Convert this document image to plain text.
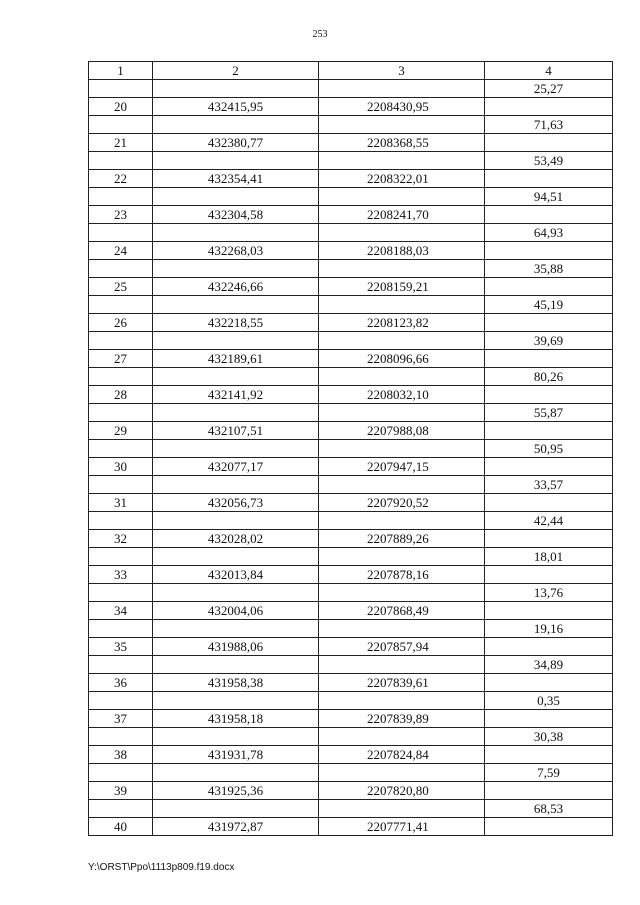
253
1	2	3	4
			25,27
20	432415,95	2208430,95	
			71,63
21	432380,77	2208368,55	
			53,49
22	432354,41	2208322,01	
			94,51
23	432304,58	2208241,70	
			64,93
24	432268,03	2208188,03	
			35,88
25	432246,66	2208159,21	
			45,19
26	432218,55	2208123,82	
			39,69
27	432189,61	2208096,66	
			80,26
28	432141,92	2208032,10	
			55,87
29	432107,51	2207988,08	
			50,95
30	432077,17	2207947,15	
			33,57
31	432056,73	2207920,52	
			42,44
32	432028,02	2207889,26	
			18,01
33	432013,84	2207878,16	
			13,76
34	432004,06	2207868,49	
			19,16
35	431988,06	2207857,94	
			34,89
36	431958,38	2207839,61	
			0,35
37	431958,18	2207839,89	
			30,38
38	431931,78	2207824,84	
			7,59
39	431925,36	2207820,80	
			68,53
40	431972,87	2207771,41	
Y:\ORST\Ppo\1113p809.f19.docx
